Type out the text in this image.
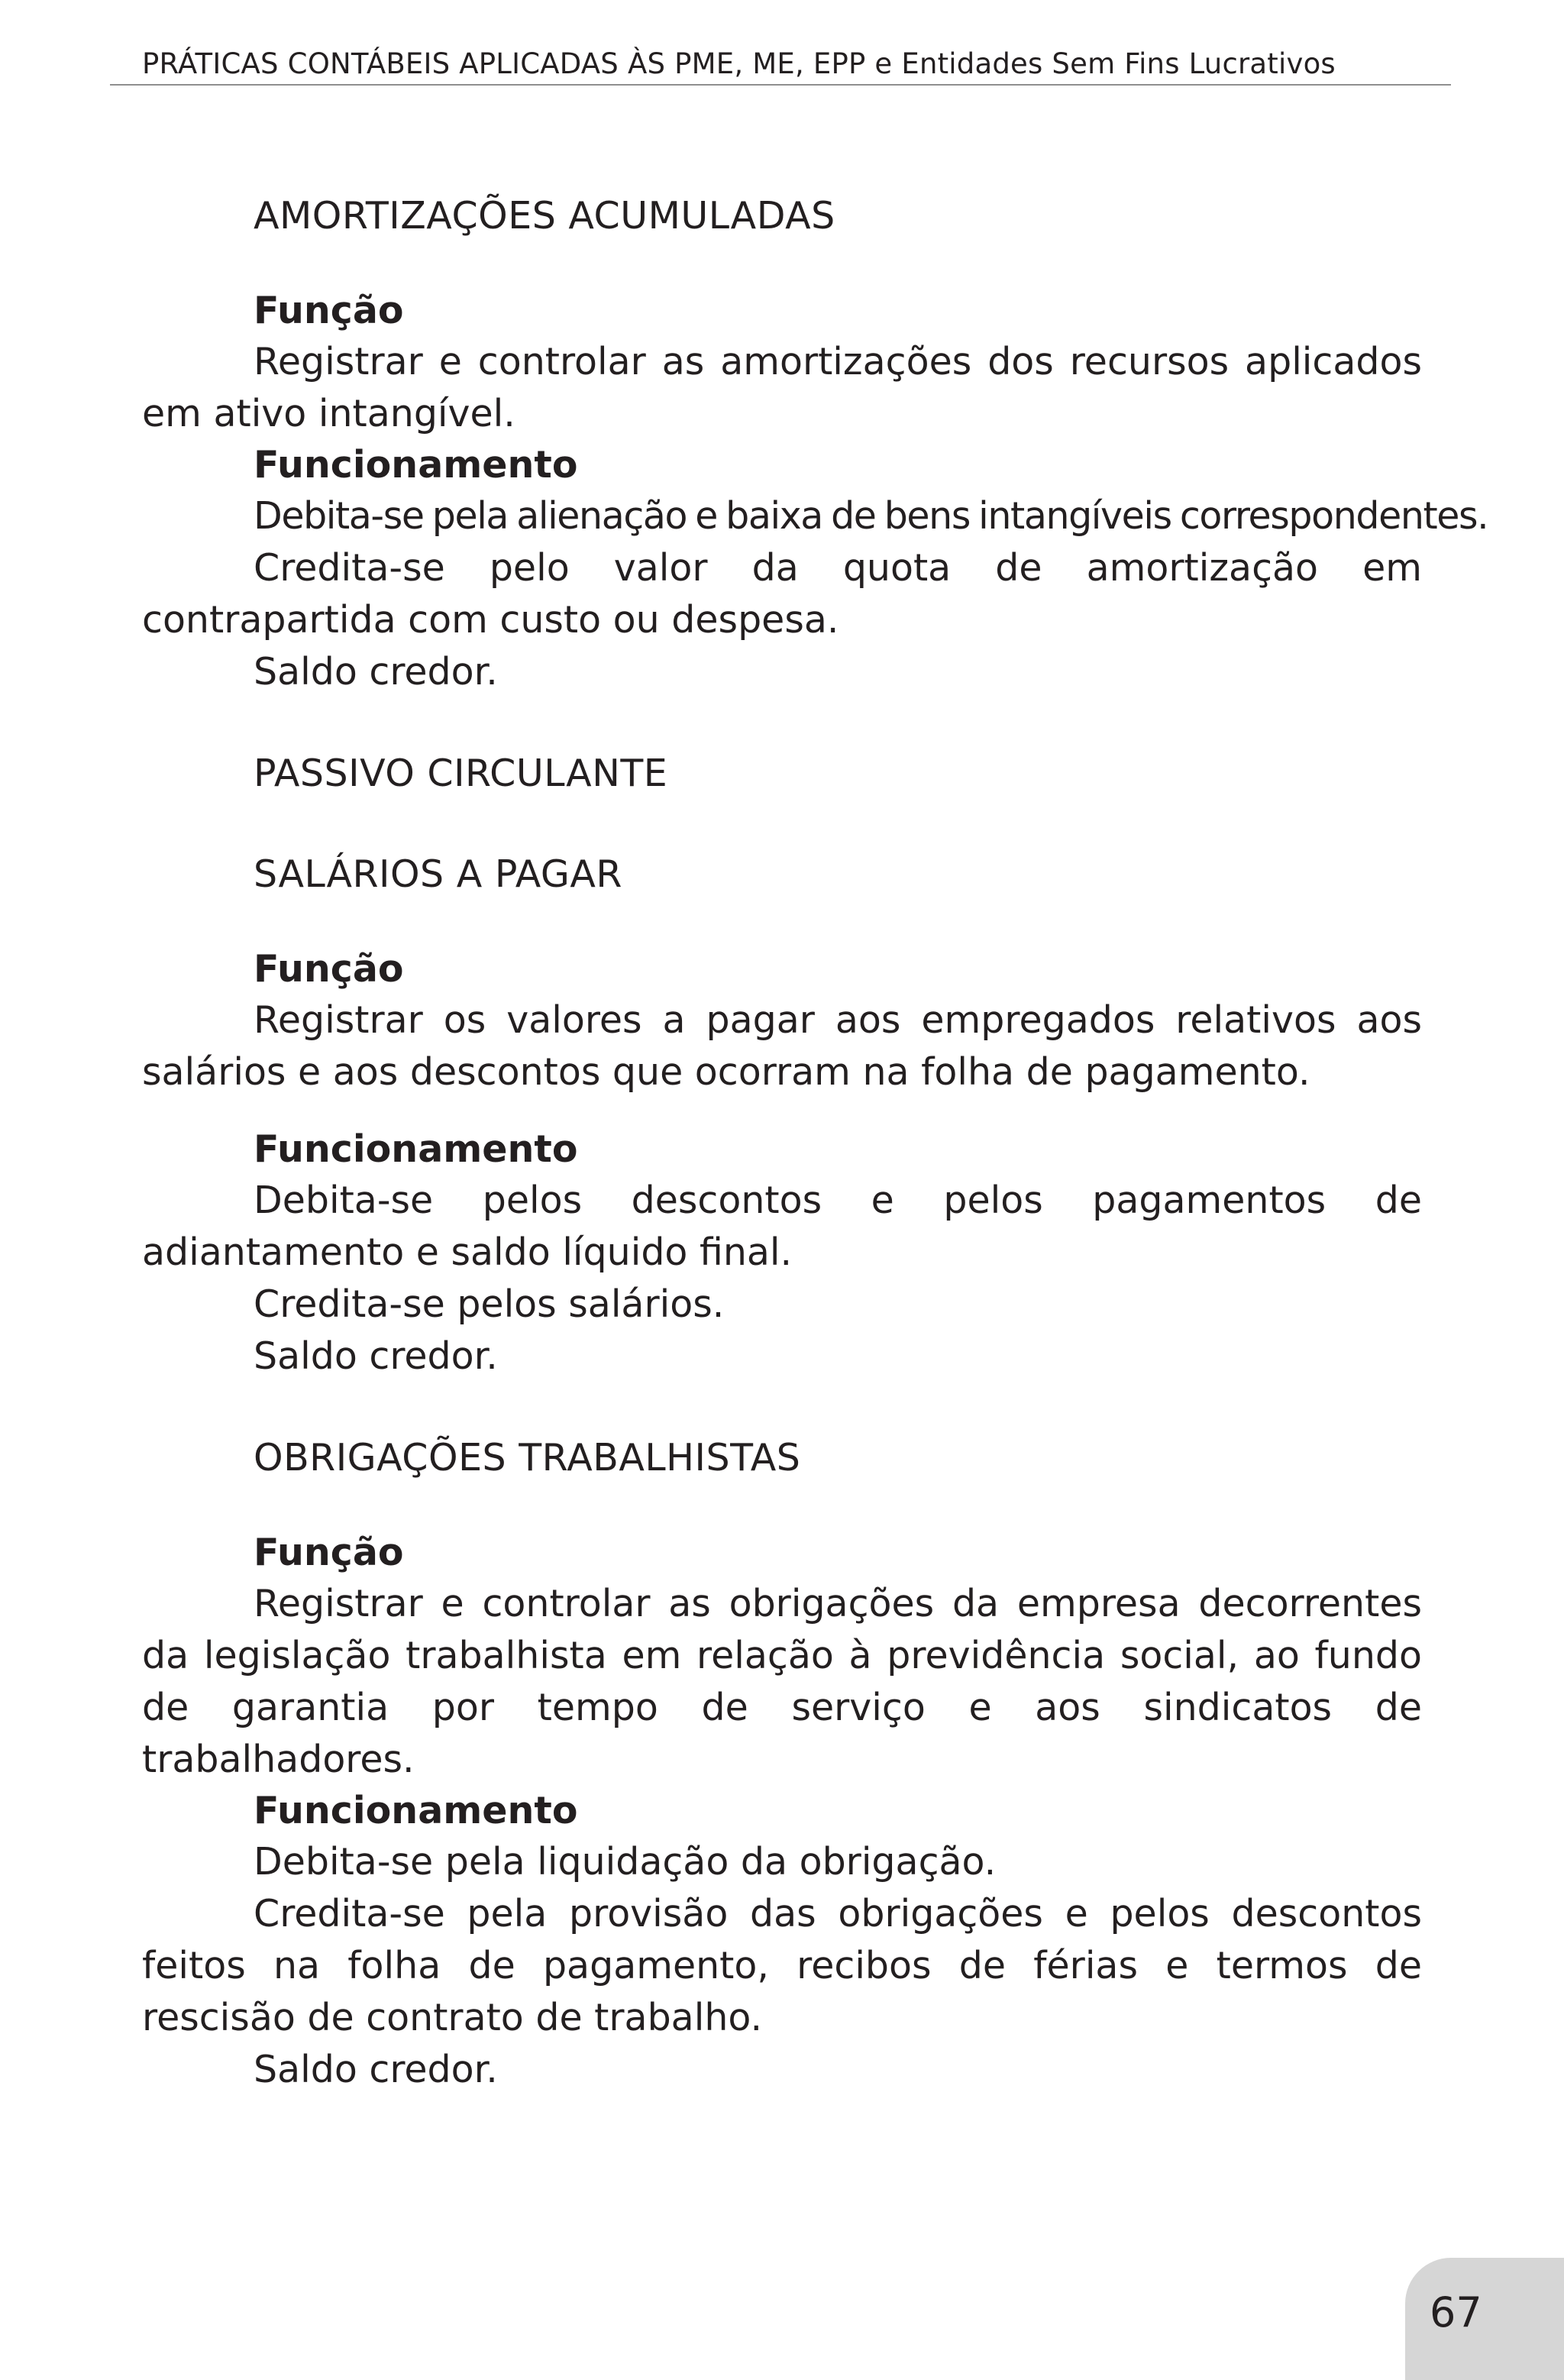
PRÁTICAS CONTÁBEIS APLICADAS ÀS PME, ME, EPP e Entidades Sem Fins Lucrativos
AMORTIZAÇÕES ACUMULADAS
Função

Registrar e controlar as amortizações dos recursos aplicados em ativo intangível.

Funcionamento

Debita-se pela alienação e baixa de bens intangíveis correspondentes.

Credita-se pelo valor da quota de amortização em contrapartida com custo ou despesa.

Saldo credor.

PASSIVO CIRCULANTE
SALÁRIOS A PAGAR
Função

Registrar os valores a pagar aos empregados relativos aos salários e aos descontos que ocorram na folha de pagamento.

Funcionamento

Debita-se pelos descontos e pelos pagamentos de adiantamento e saldo líquido final.

Credita-se pelos salários.

Saldo credor.

OBRIGAÇÕES TRABALHISTAS
Função

Registrar e controlar as obrigações da empresa decorrentes da legislação trabalhista em relação à previdência social, ao fundo de garantia por tempo de serviço e aos sindicatos de trabalhadores.

Funcionamento

Debita-se pela liquidação da obrigação.

Credita-se pela provisão das obrigações e pelos descontos feitos na folha de pagamento, recibos de férias e termos de rescisão de contrato de trabalho.

Saldo credor.

67
